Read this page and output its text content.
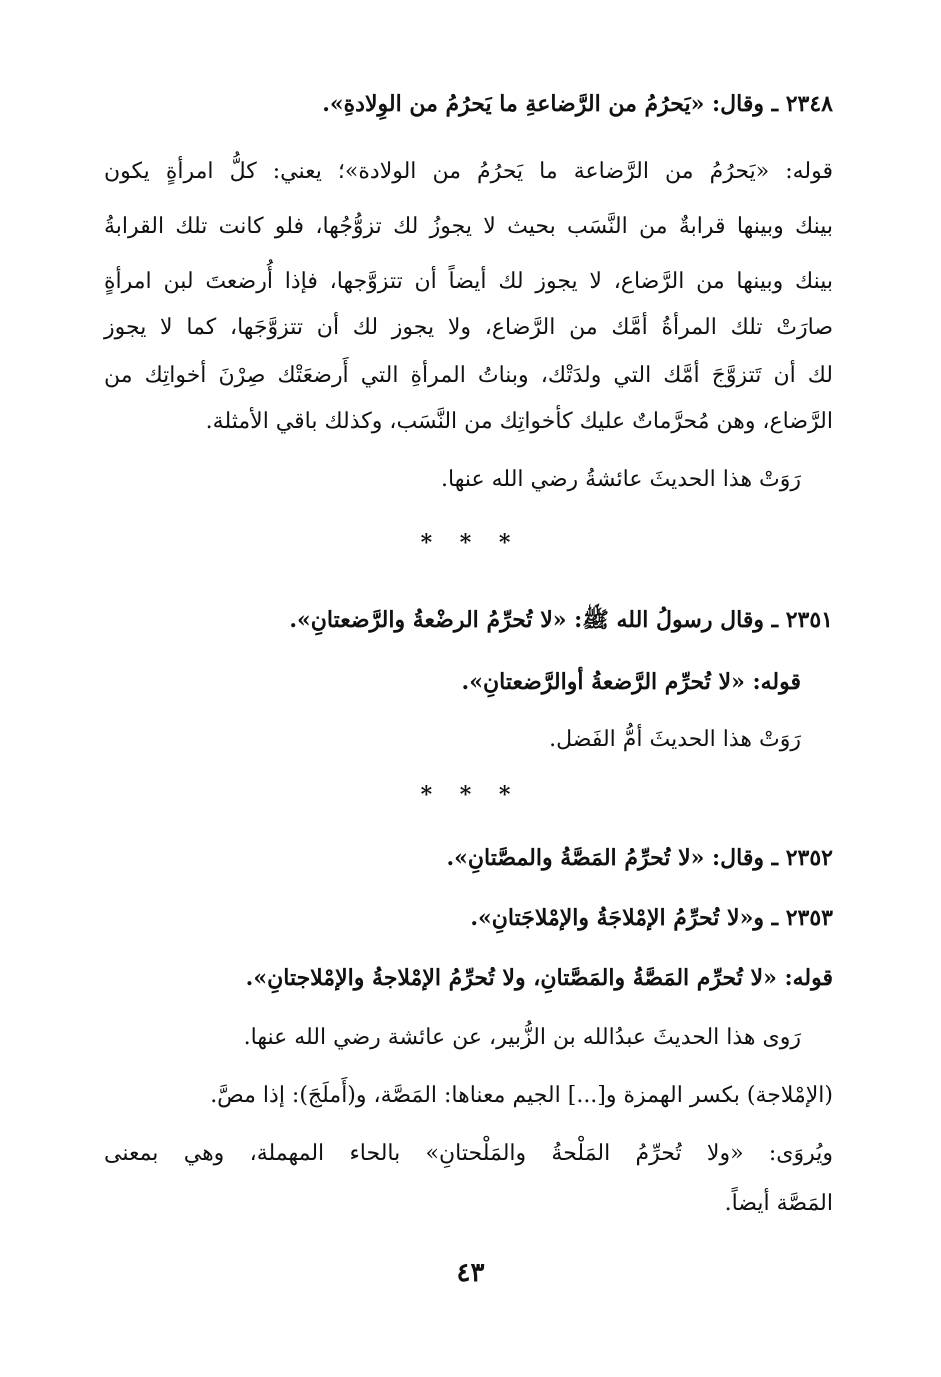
٢٣٤٨ ـ وقال: «يَحرُمُ من الرَّضاعةِ ما يَحرُمُ من الوِلادةِ».
قوله: «يَحرُمُ من الرَّضاعة ما يَحرُمُ من الولادة»؛ يعني: كلُّ امرأةٍ يكون
بينك وبينها قرابةٌ من النَّسَب بحيث لا يجوزُ لك تزوُّجُها، فلو كانت تلك القرابةُ
بينك وبينها من الرَّضاع، لا يجوز لك أيضاً أن تتزوَّجها، فإذا أُرضعتَ لبن امرأةٍ
صارَتْ تلك المرأةُ أمَّك من الرَّضاع، ولا يجوز لك أن تتزوَّجَها، كما لا يجوز
لك أن تَتزوَّجَ أمَّك التي ولدَتْك، وبناتُ المرأةِ التي أَرضعَتْك صِرْنَ أخواتِك من
الرَّضاع، وهن مُحرَّماتٌ عليك كأخواتِك من النَّسَب، وكذلك باقي الأمثلة.
رَوَتْ هذا الحديثَ عائشةُ رضي الله عنها.
* * *
٢٣٥١ ـ وقال رسولُ الله ﷺ: «لا تُحرِّمُ الرضْعةُ والرَّضعتانِ».
قوله: «لا تُحرِّم الرَّضعةُ أوالرَّضعتانِ».
رَوَتْ هذا الحديثَ أمُّ الفَضل.
* * *
٢٣٥٢ ـ وقال: «لا تُحرِّمُ المَصَّةُ والمصَّتانِ».
٢٣٥٣ ـ و«لا تُحرِّمُ الإمْلاجَةُ والإمْلاجَتانِ».
قوله: «لا تُحرِّم المَصَّةُ والمَصَّتانِ، ولا تُحرِّمُ الإمْلاجةُ والإمْلاجتانِ».
رَوى هذا الحديثَ عبدُالله بن الزُّبير، عن عائشة رضي الله عنها.
(الإمْلاجة) بكسر الهمزة و[...] الجيم معناها: المَصَّة، و(أَملَجَ): إذا مصَّ.
ويُروَى: «ولا تُحرِّمُ المَلْحةُ والمَلْحتانِ» بالحاء المهملة، وهي بمعنى
المَصَّة أيضاً.
٤٣
